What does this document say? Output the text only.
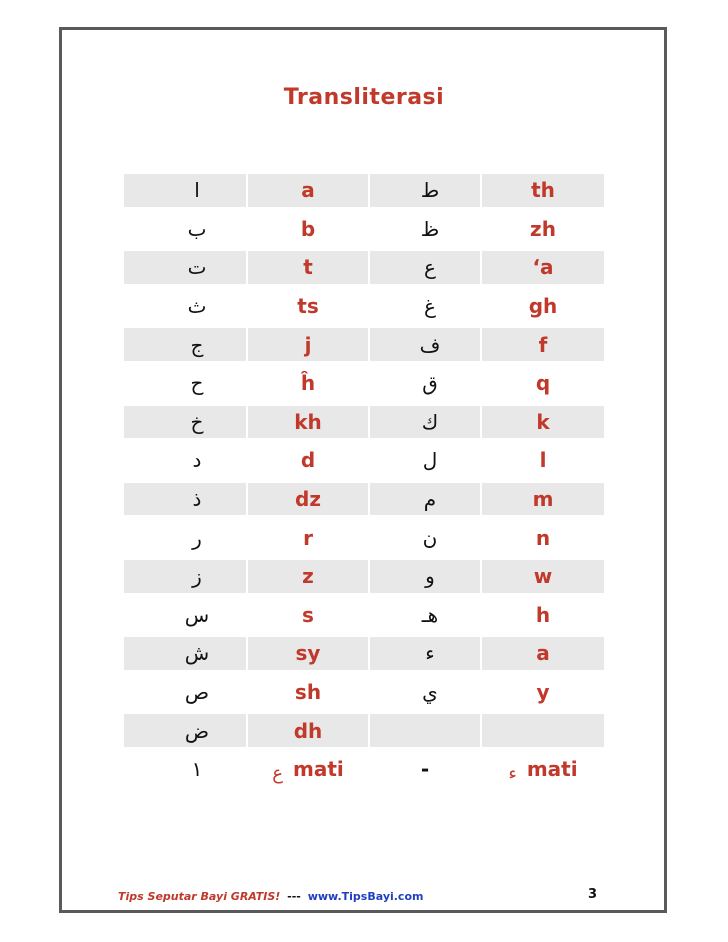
Transliterasi
ا	a	ط	th
ب	b	ظ	zh
ت	t	ع	‘a
ث	ts	غ	gh
ج	j	ف	f
ح	ĥ	ق	q
خ	kh	ك	k
د	d	ل	l
ذ	dz	م	m
ر	r	ن	n
ز	z	و	w
س	s	هـ	h
ش	sy	ء	a
ص	sh	ي	y
ض	dh
١	ع mati	-	ء mati
Tips Seputar Bayi GRATIS! --- www.TipsBayi.com	3
